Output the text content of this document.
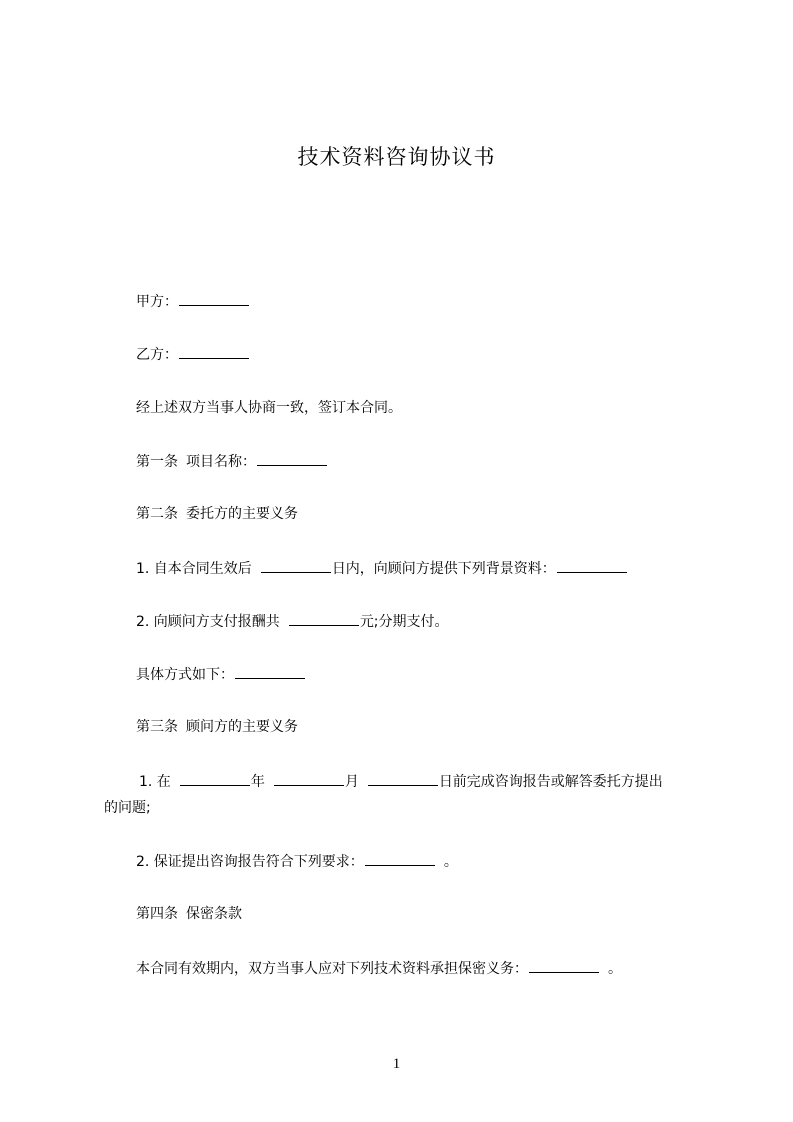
技术资料咨询协议书
甲方：
乙方：
经上述双方当事人协商一致，签订本合同。
第一条 项目名称：
第二条 委托方的主要义务
1. 自本合同生效后	日内，向顾问方提供下列背景资料：
2. 向顾问方支付报酬共	元;分期支付。
具体方式如下：
第三条 顾问方的主要义务
1. 在	年	月	日前完成咨询报告或解答委托方提出
的问题;
2. 保证提出咨询报告符合下列要求：	。
第四条 保密条款
本合同有效期内，双方当事人应对下列技术资料承担保密义务：	。
1
